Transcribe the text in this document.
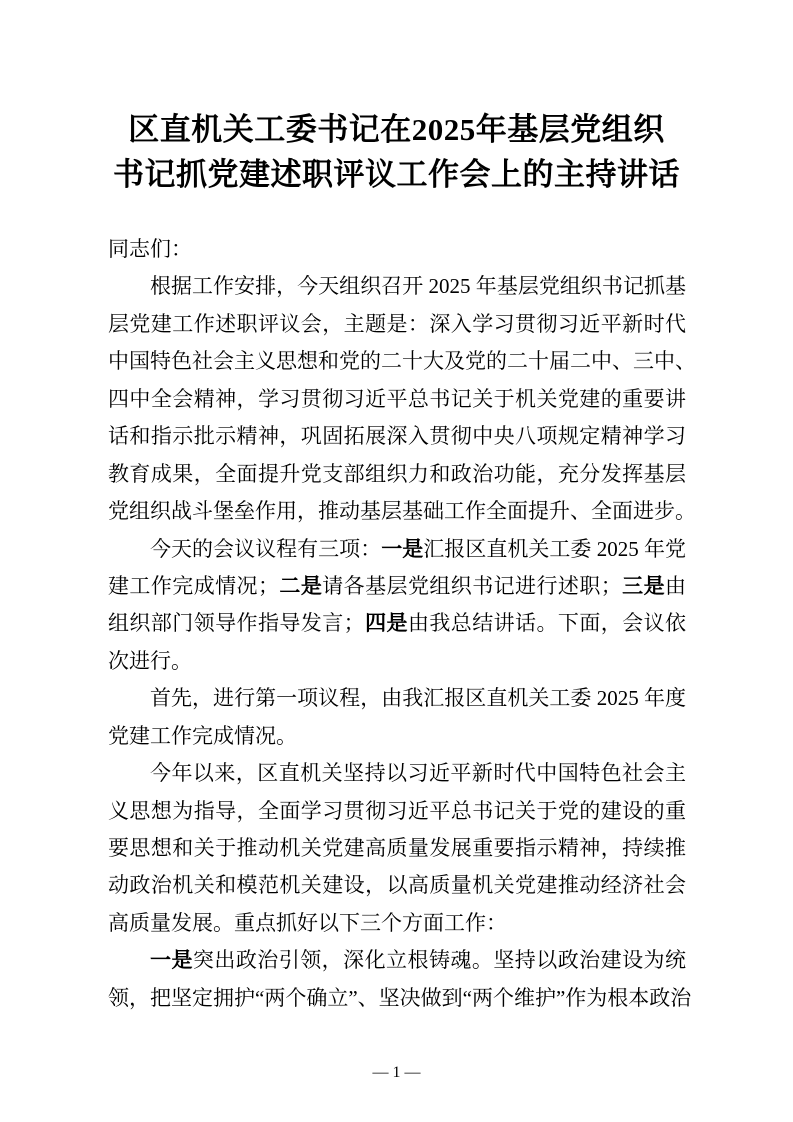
区直机关工委书记在2025年基层党组织
书记抓党建述职评议工作会上的主持讲话
同志们：
根据工作安排，今天组织召开 2025 年基层党组织书记抓基
层党建工作述职评议会，主题是：深入学习贯彻习近平新时代
中国特色社会主义思想和党的二十大及党的二十届二中、三中、
四中全会精神，学习贯彻习近平总书记关于机关党建的重要讲
话和指示批示精神，巩固拓展深入贯彻中央八项规定精神学习
教育成果，全面提升党支部组织力和政治功能，充分发挥基层
党组织战斗堡垒作用，推动基层基础工作全面提升、全面进步。
今天的会议议程有三项：一是汇报区直机关工委 2025 年党
建工作完成情况；二是请各基层党组织书记进行述职；三是由
组织部门领导作指导发言；四是由我总结讲话。下面，会议依
次进行。
首先，进行第一项议程，由我汇报区直机关工委 2025 年度
党建工作完成情况。
今年以来，区直机关坚持以习近平新时代中国特色社会主
义思想为指导，全面学习贯彻习近平总书记关于党的建设的重
要思想和关于推动机关党建高质量发展重要指示精神，持续推
动政治机关和模范机关建设，以高质量机关党建推动经济社会
高质量发展。重点抓好以下三个方面工作：
一是突出政治引领，深化立根铸魂。坚持以政治建设为统
领，把坚定拥护“两个确立”、坚决做到“两个维护”作为根本政治
— 1 —
